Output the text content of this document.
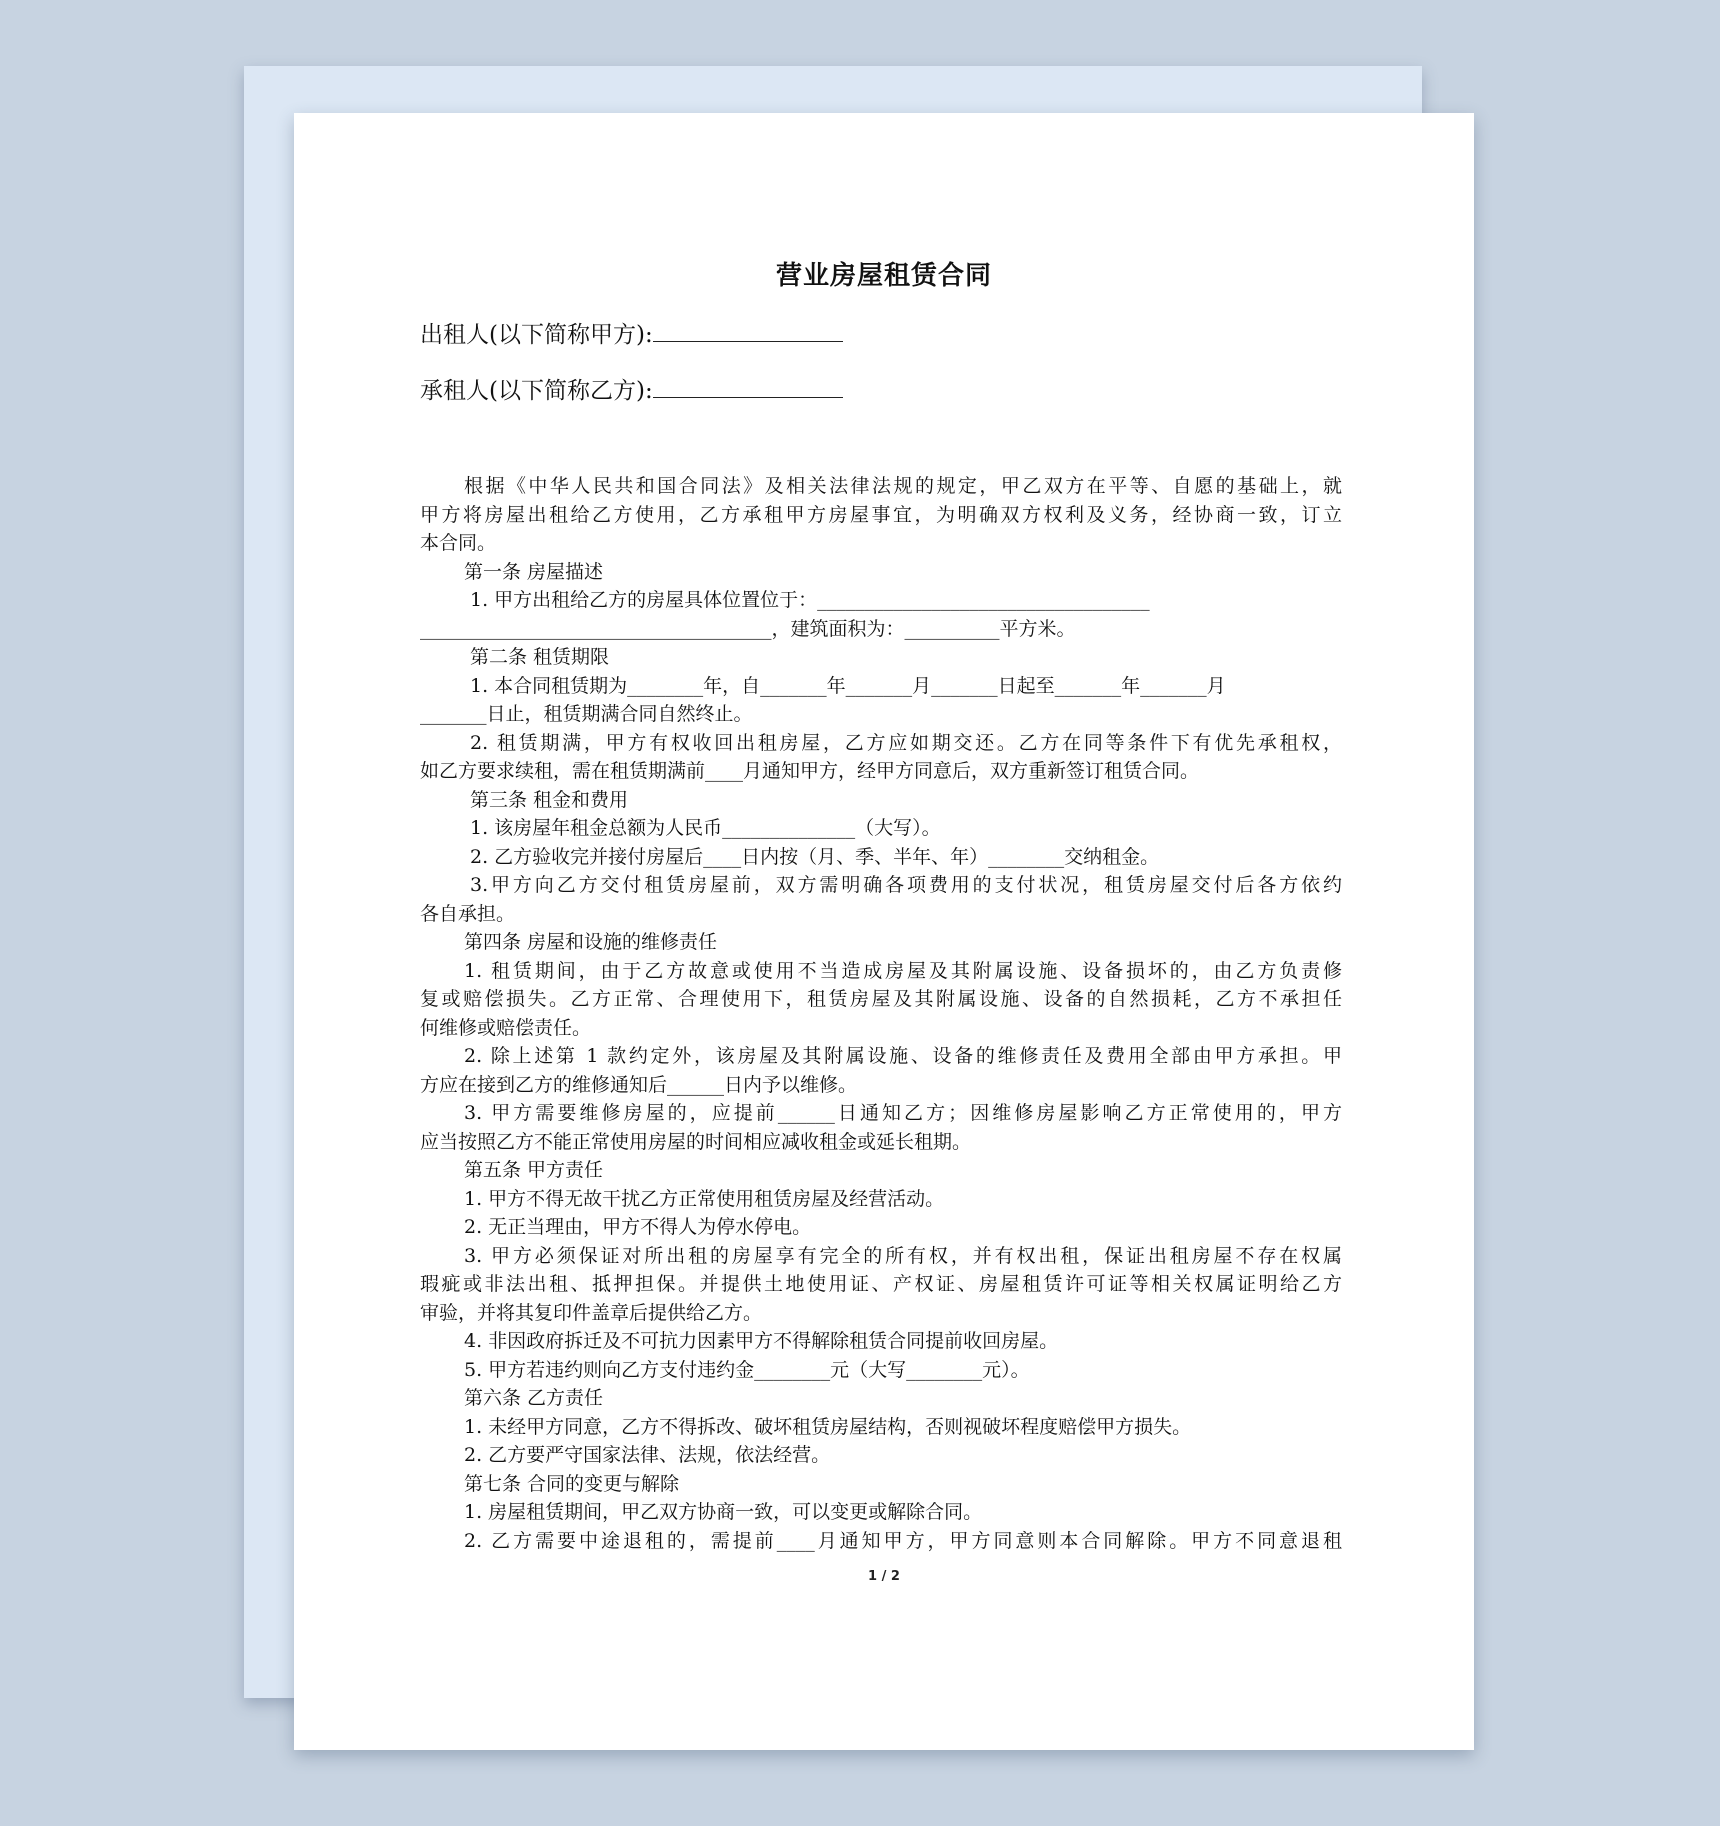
营业房屋租赁合同
出租人(以下简称甲方):
承租人(以下简称乙方):

根据《中华人民共和国合同法》及相关法律法规的规定，甲乙双方在平等、自愿的基础上，就

甲方将房屋出租给乙方使用，乙方承租甲方房屋事宜，为明确双方权利及义务，经协商一致，订立

本合同。

第一条 房屋描述

1. 甲方出租给乙方的房屋具体位置位于：___________________________________

_____________________________________，建筑面积为：__________平方米。

第二条 租赁期限

1. 本合同租赁期为________年，自_______年_______月_______日起至_______年_______月

_______日止，租赁期满合同自然终止。

2. 租赁期满，甲方有权收回出租房屋，乙方应如期交还。乙方在同等条件下有优先承租权，

如乙方要求续租，需在租赁期满前____月通知甲方，经甲方同意后，双方重新签订租赁合同。

第三条 租金和费用

1. 该房屋年租金总额为人民币______________（大写）。

2. 乙方验收完并接付房屋后____日内按（月、季、半年、年）________交纳租金。

3.甲方向乙方交付租赁房屋前，双方需明确各项费用的支付状况，租赁房屋交付后各方依约

各自承担。

第四条 房屋和设施的维修责任

1. 租赁期间，由于乙方故意或使用不当造成房屋及其附属设施、设备损坏的，由乙方负责修

复或赔偿损失。乙方正常、合理使用下，租赁房屋及其附属设施、设备的自然损耗，乙方不承担任

何维修或赔偿责任。

2. 除上述第 1 款约定外，该房屋及其附属设施、设备的维修责任及费用全部由甲方承担。甲

方应在接到乙方的维修通知后______日内予以维修。

3. 甲方需要维修房屋的，应提前______日通知乙方；因维修房屋影响乙方正常使用的，甲方

应当按照乙方不能正常使用房屋的时间相应减收租金或延长租期。

第五条 甲方责任

1. 甲方不得无故干扰乙方正常使用租赁房屋及经营活动。

2. 无正当理由，甲方不得人为停水停电。

3. 甲方必须保证对所出租的房屋享有完全的所有权，并有权出租，保证出租房屋不存在权属

瑕疵或非法出租、抵押担保。并提供土地使用证、产权证、房屋租赁许可证等相关权属证明给乙方

审验，并将其复印件盖章后提供给乙方。

4. 非因政府拆迁及不可抗力因素甲方不得解除租赁合同提前收回房屋。

5. 甲方若违约则向乙方支付违约金________元（大写________元）。

第六条 乙方责任

1. 未经甲方同意，乙方不得拆改、破坏租赁房屋结构，否则视破坏程度赔偿甲方损失。

2. 乙方要严守国家法律、法规，依法经营。

第七条 合同的变更与解除

1. 房屋租赁期间，甲乙双方协商一致，可以变更或解除合同。

2. 乙方需要中途退租的，需提前____月通知甲方，甲方同意则本合同解除。甲方不同意退租

1 / 2
